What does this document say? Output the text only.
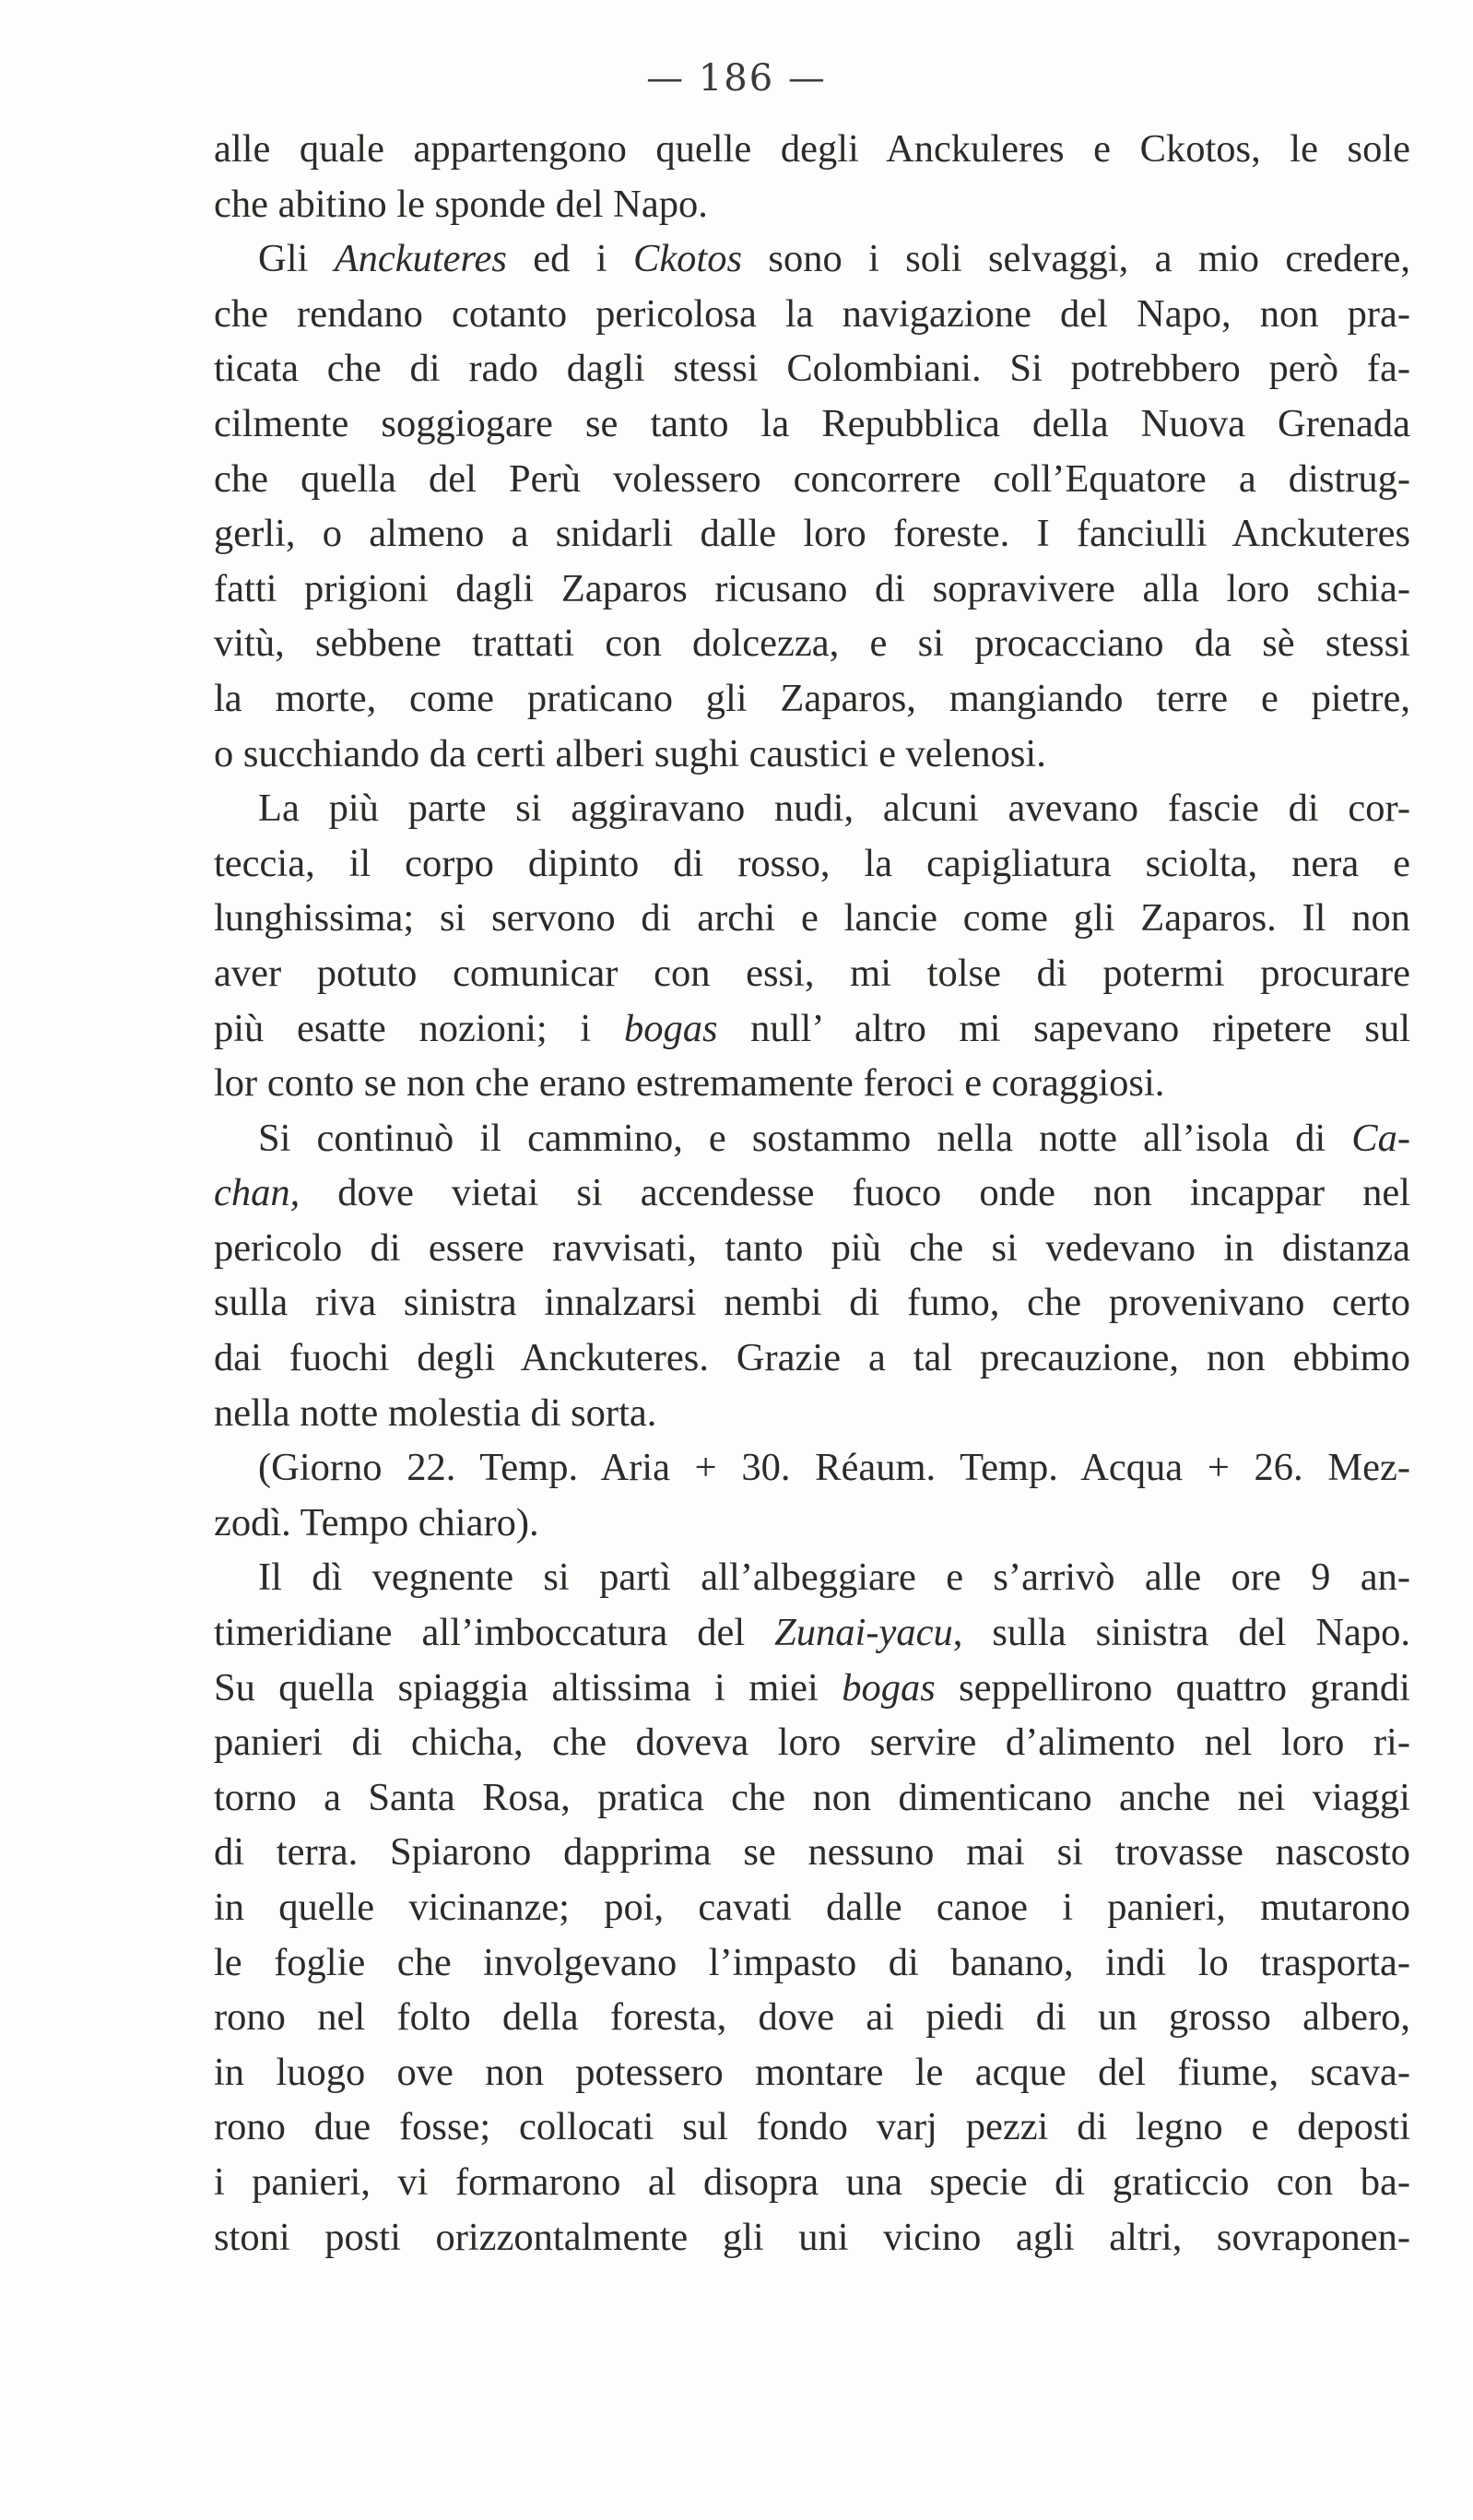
— 186 —
alle quale appartengono quelle degli Anckuleres e Ckotos, le sole
che abitino le sponde del Napo.
Gli Anckuteres ed i Ckotos sono i soli selvaggi, a mio credere,
che rendano cotanto pericolosa la navigazione del Napo, non pra-
ticata che di rado dagli stessi Colombiani. Si potrebbero però fa-
cilmente soggiogare se tanto la Repubblica della Nuova Grenada
che quella del Perù volessero concorrere coll’Equatore a distrug-
gerli, o almeno a snidarli dalle loro foreste. I fanciulli Anckuteres
fatti prigioni dagli Zaparos ricusano di sopravivere alla loro schia-
vitù, sebbene trattati con dolcezza, e si procacciano da sè stessi
la morte, come praticano gli Zaparos, mangiando terre e pietre,
o succhiando da certi alberi sughi caustici e velenosi.
La più parte si aggiravano nudi, alcuni avevano fascie di cor-
teccia, il corpo dipinto di rosso, la capigliatura sciolta, nera e
lunghissima; si servono di archi e lancie come gli Zaparos. Il non
aver potuto comunicar con essi, mi tolse di potermi procurare
più esatte nozioni; i bogas null’ altro mi sapevano ripetere sul
lor conto se non che erano estremamente feroci e coraggiosi.
Si continuò il cammino, e sostammo nella notte all’isola di Ca-
chan, dove vietai si accendesse fuoco onde non incappar nel
pericolo di essere ravvisati, tanto più che si vedevano in distanza
sulla riva sinistra innalzarsi nembi di fumo, che provenivano certo
dai fuochi degli Anckuteres. Grazie a tal precauzione, non ebbimo
nella notte molestia di sorta.
(Giorno 22. Temp. Aria + 30. Réaum. Temp. Acqua + 26. Mez-
zodì. Tempo chiaro).
Il dì vegnente si partì all’albeggiare e s’arrivò alle ore 9 an-
timeridiane all’imboccatura del Zunai-yacu, sulla sinistra del Napo.
Su quella spiaggia altissima i miei bogas seppellirono quattro grandi
panieri di chicha, che doveva loro servire d’alimento nel loro ri-
torno a Santa Rosa, pratica che non dimenticano anche nei viaggi
di terra. Spiarono dapprima se nessuno mai si trovasse nascosto
in quelle vicinanze; poi, cavati dalle canoe i panieri, mutarono
le foglie che involgevano l’impasto di banano, indi lo trasporta-
rono nel folto della foresta, dove ai piedi di un grosso albero,
in luogo ove non potessero montare le acque del fiume, scava-
rono due fosse; collocati sul fondo varj pezzi di legno e deposti
i panieri, vi formarono al disopra una specie di graticcio con ba-
stoni posti orizzontalmente gli uni vicino agli altri, sovraponen-
